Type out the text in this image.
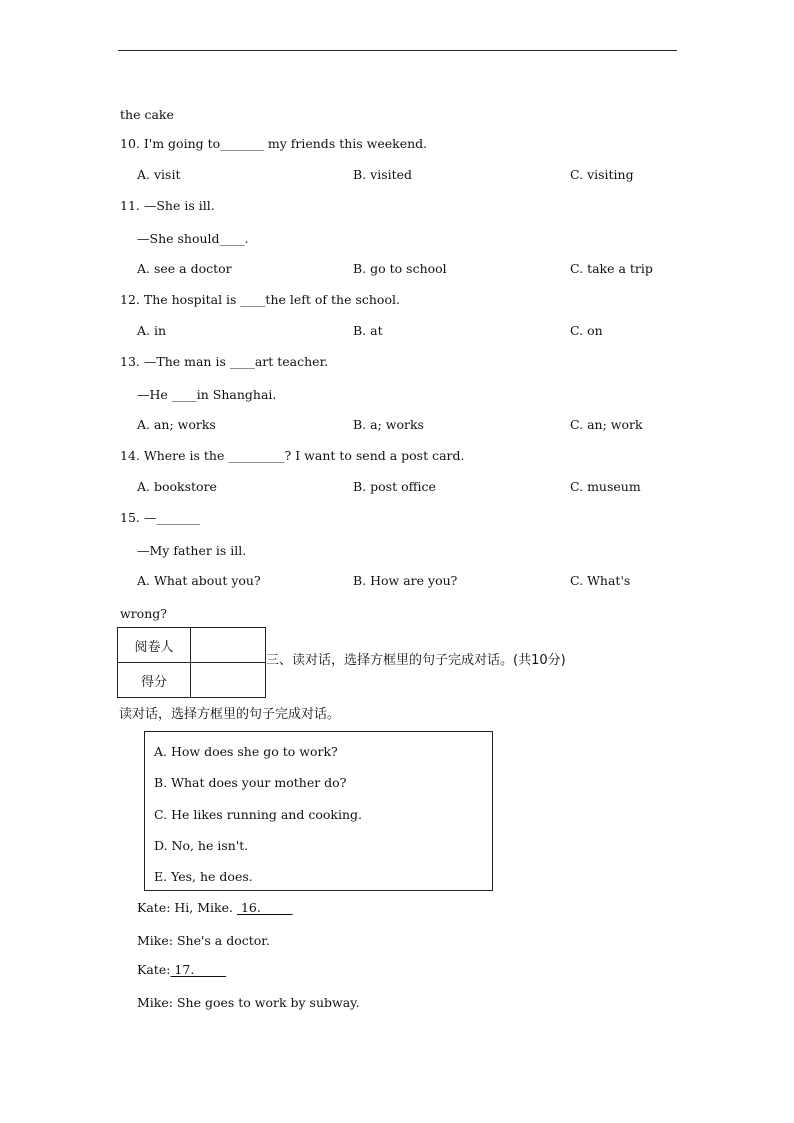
the cake
10. I'm going to_______ my friends this weekend.
A. visit	B. visited	C. visiting
11. —She is ill.
—She should____.
A. see a doctor	B. go to school	C. take a trip
12. The hospital is ____the left of the school.
A. in	B. at	C. on
13. —The man is ____art teacher.
—He ____in Shanghai.
A. an; works	B. a; works	C. an; work
14. Where is the _________? I want to send a post card.
A. bookstore	B. post office	C. museum
15. —_______
—My father is ill.
A. What about you?	B. How are you?	C. What's
wrong?
阅卷人	
得分	
三、读对话，选择方框里的句子完成对话。(共10分)
读对话，选择方框里的句子完成对话。
A. How does she go to work?
B. What does your mother do?
C. He likes running and cooking.
D. No, he isn't.
E. Yes, he does.
Kate: Hi, Mike.  16.
Mike: She's a doctor.
Kate: 17.
Mike: She goes to work by subway.
